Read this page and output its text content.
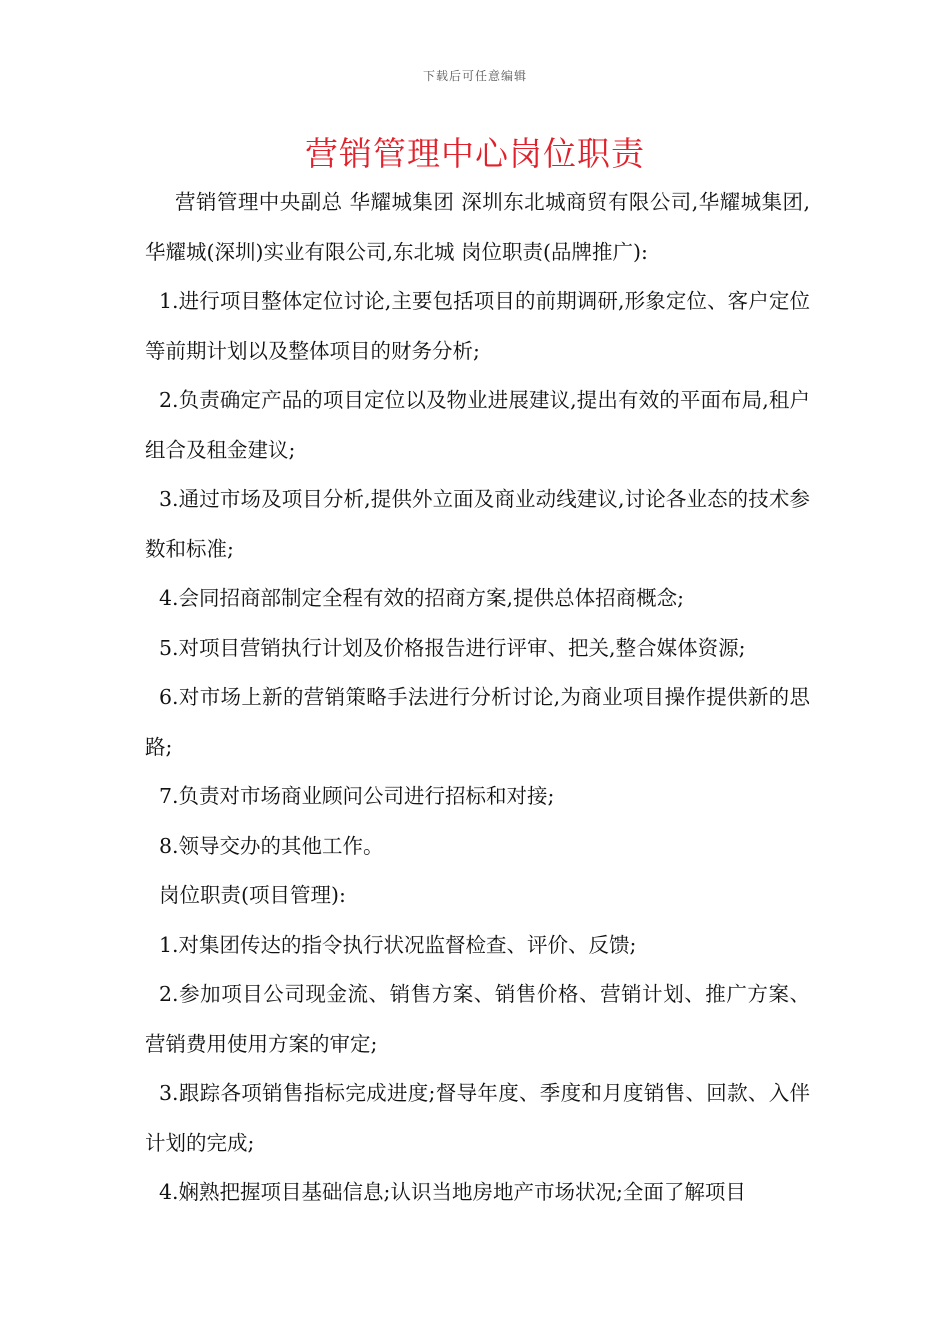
下载后可任意编辑
营销管理中心岗位职责

营销管理中央副总 华耀城集团 深圳东北城商贸有限公司,华耀城集团,华耀城(深圳)实业有限公司,东北城 岗位职责(品牌推广):

1.进行项目整体定位讨论,主要包括项目的前期调研,形象定位、客户定位等前期计划以及整体项目的财务分析;

2.负责确定产品的项目定位以及物业进展建议,提出有效的平面布局,租户组合及租金建议;

3.通过市场及项目分析,提供外立面及商业动线建议,讨论各业态的技术参数和标准;

4.会同招商部制定全程有效的招商方案,提供总体招商概念;

5.对项目营销执行计划及价格报告进行评审、把关,整合媒体资源;

6.对市场上新的营销策略手法进行分析讨论,为商业项目操作提供新的思路;

7.负责对市场商业顾问公司进行招标和对接;

8.领导交办的其他工作。

岗位职责(项目管理):

1.对集团传达的指令执行状况监督检查、评价、反馈;

2.参加项目公司现金流、销售方案、销售价格、营销计划、推广方案、营销费用使用方案的审定;

3.跟踪各项销售指标完成进度;督导年度、季度和月度销售、回款、入伴计划的完成;

4.娴熟把握项目基础信息;认识当地房地产市场状况;全面了解项目
